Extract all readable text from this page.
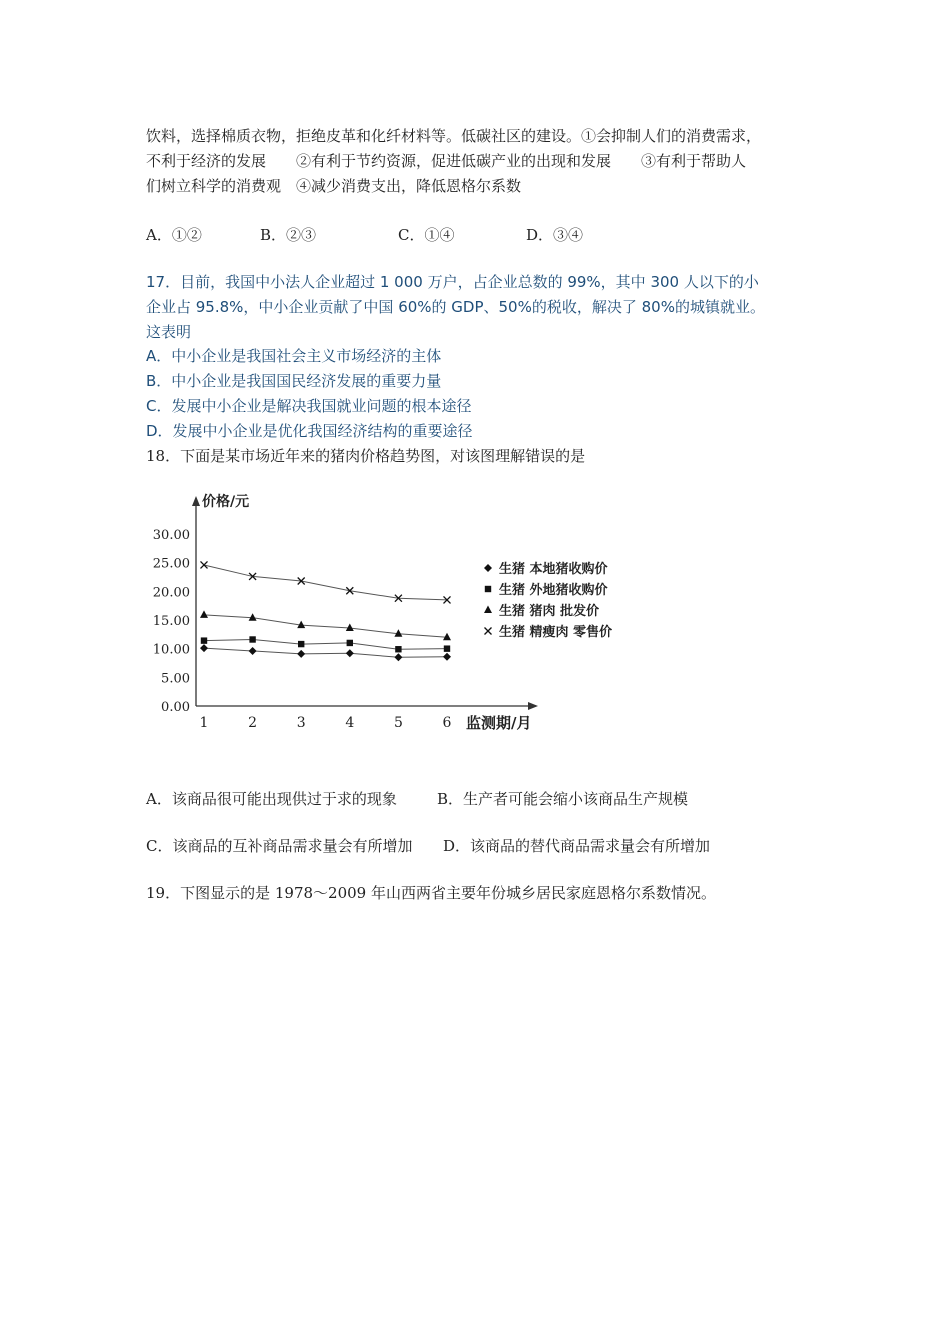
饮料，选择棉质衣物，拒绝皮革和化纤材料等。低碳社区的建设。①会抑制人们的消费需求，
不利于经济的发展　　②有利于节约资源，促进低碳产业的出现和发展　　③有利于帮助人
们树立科学的消费观　④减少消费支出，降低恩格尔系数
A．①②	B．②③	C．①④	D．③④
17．目前，我国中小法人企业超过 1 000 万户，占企业总数的 99%，其中 300 人以下的小
企业占 95.8%，中小企业贡献了中国 60%的 GDP、50%的税收，解决了 80%的城镇就业。
这表明
A．中小企业是我国社会主义市场经济的主体
B．中小企业是我国国民经济发展的重要力量
C．发展中小企业是解决我国就业问题的根本途径
D．发展中小企业是优化我国经济结构的重要途径
18．下面是某市场近年来的猪肉价格趋势图，对该图理解错误的是
0.00
5.00
10.00
15.00
20.00
25.00
30.00
1	2	3	4	5	6
生猪 本地猪收购价
生猪 外地猪收购价
生猪 猪肉 批发价
生猪 精瘦肉 零售价
价格/元
监测期/月
A．该商品很可能出现供过于求的现象	B．生产者可能会缩小该商品生产规模
C．该商品的互补商品需求量会有所增加 D．该商品的替代商品需求量会有所增加
19．下图显示的是 1978～2009 年山西两省主要年份城乡居民家庭恩格尔系数情况。
